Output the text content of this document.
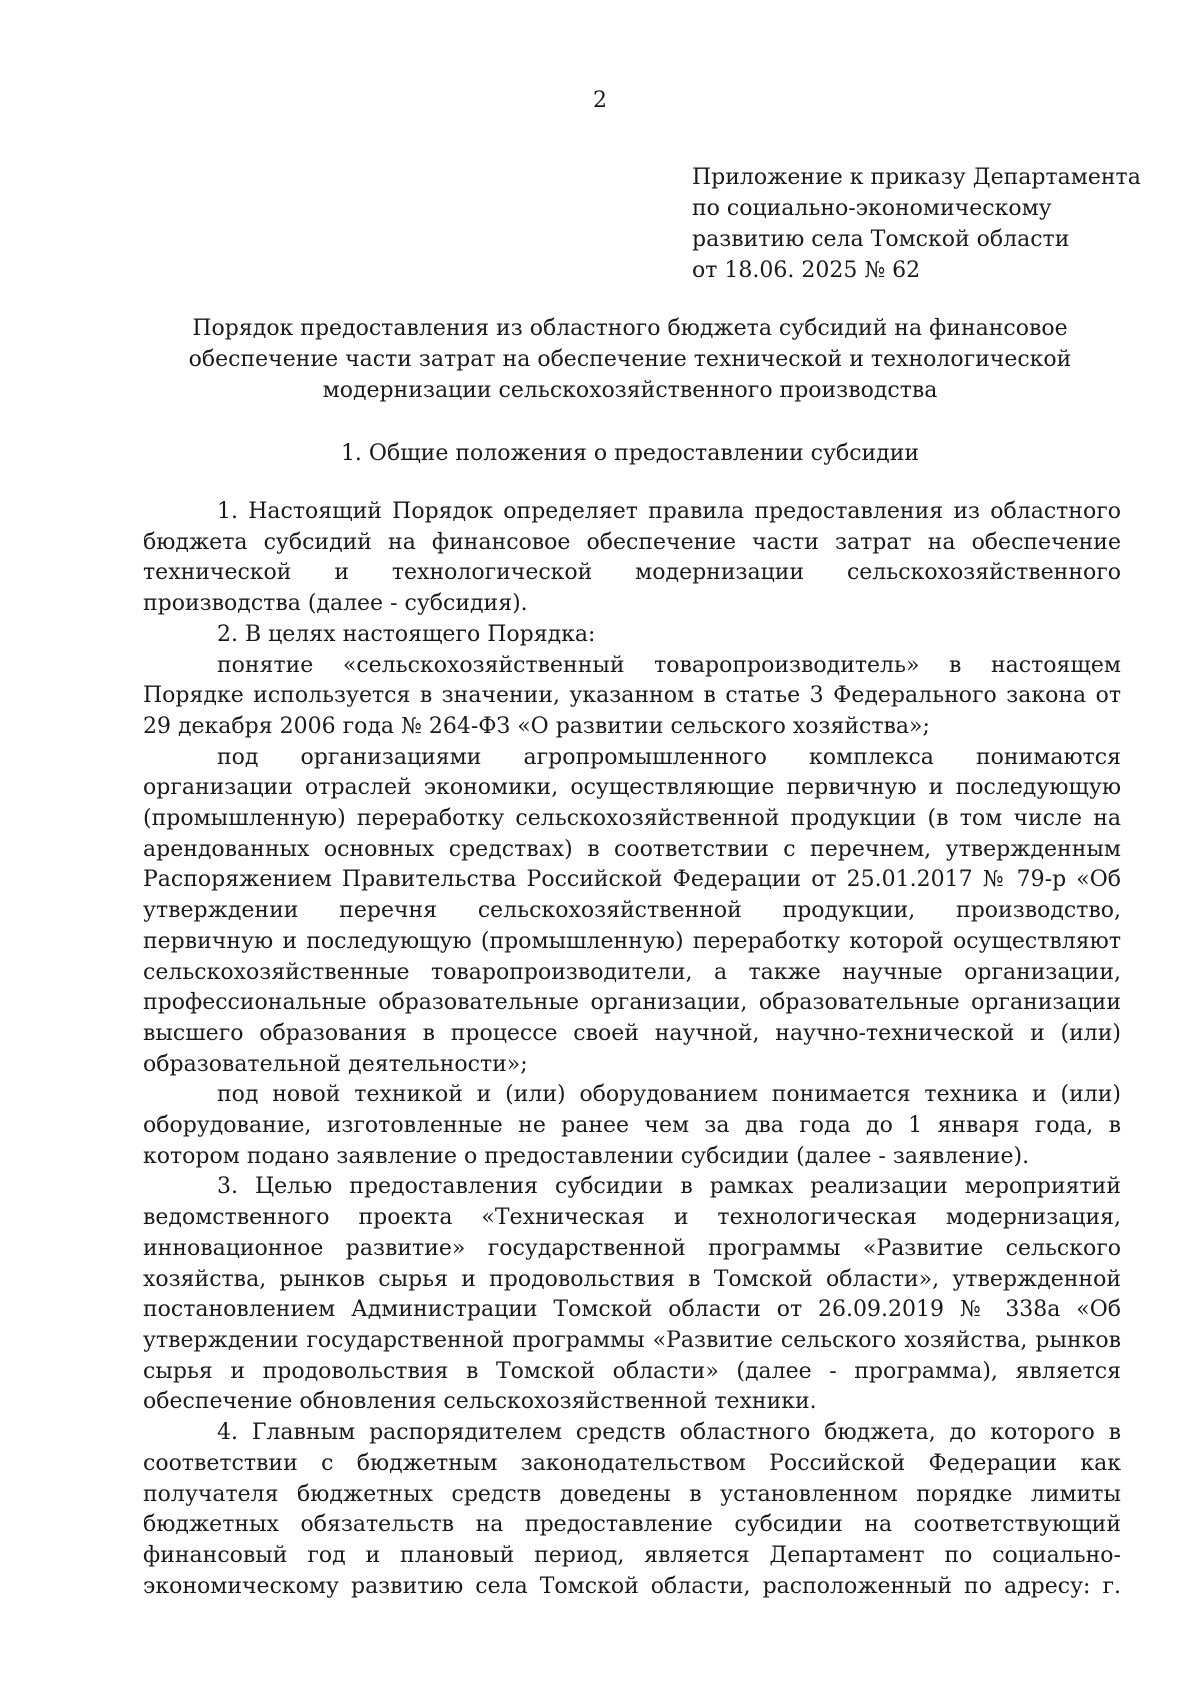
2
Приложение к приказу Департамента
по социально-экономическому
развитию села Томской области
от 18.06. 2025 № 62
Порядок предоставления из областного бюджета субсидий на финансовое
обеспечение части затрат на обеспечение технической и технологической
модернизации сельскохозяйственного производства
1. Общие положения о предоставлении субсидии

1. Настоящий Порядок определяет правила предоставления из областного бюджета субсидий на финансовое обеспечение части затрат на обеспечение технической и технологической модернизации сельскохозяйственного производства (далее - субсидия).

2. В целях настоящего Порядка:

понятие «сельскохозяйственный товаропроизводитель» в настоящем Порядке используется в значении, указанном в статье 3 Федерального закона от 29 декабря 2006 года № 264-ФЗ «О развитии сельского хозяйства»;

под организациями агропромышленного комплекса понимаются организации отраслей экономики, осуществляющие первичную и последующую (промышленную) переработку сельскохозяйственной продукции (в том числе на арендованных основных средствах) в соответствии с перечнем, утвержденным Распоряжением Правительства Российской Федерации от 25.01.2017 № 79-р «Об утверждении перечня сельскохозяйственной продукции, производство, первичную и последующую (промышленную) переработку которой осуществляют сельскохозяйственные товаропроизводители, а также научные организации, профессиональные образовательные организации, образовательные организации высшего образования в процессе своей научной, научно-технической и (или) образовательной деятельности»;

под новой техникой и (или) оборудованием понимается техника и (или) оборудование, изготовленные не ранее чем за два года до 1 января года, в котором подано заявление о предоставлении субсидии (далее - заявление).

3. Целью предоставления субсидии в рамках реализации мероприятий ведомственного проекта «Техническая и технологическая модернизация, инновационное развитие» государственной программы «Развитие сельского хозяйства, рынков сырья и продовольствия в Томской области», утвержденной постановлением Администрации Томской области от 26.09.2019 № 338а «Об утверждении государственной программы «Развитие сельского хозяйства, рынков сырья и продовольствия в Томской области» (далее - программа), является обеспечение обновления сельскохозяйственной техники.

4. Главным распорядителем средств областного бюджета, до которого в соответствии с бюджетным законодательством Российской Федерации как получателя бюджетных средств доведены в установленном порядке лимиты бюджетных обязательств на предоставление субсидии на соответствующий финансовый год и плановый период, является Департамент по социально-экономическому развитию села Томской области, расположенный по адресу: г.
